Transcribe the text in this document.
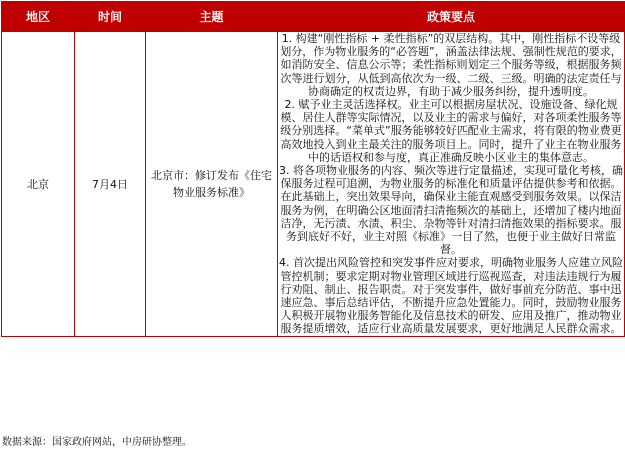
地区	时间	主题	政策要点
北京	7月4日	北京市：修订发布《住宅物业服务标准》	1. 构建“刚性指标 + 柔性指标”的双层结构。其中，刚性指标不设等级划分，作为物业服务的“必答题”，涵盖法律法规、强制性规范的要求，如消防安全、信息公示等；柔性指标则划定三个服务等级，根据服务频次等进行划分，从低到高依次为一级、二级、三级。明确的法定责任与协商确定的权责边界，有助于减少服务纠纷，提升透明度。
2. 赋予业主灵活选择权。业主可以根据房屋状况、设施设备、绿化规模、居住人群等实际情况，以及业主的需求与偏好，对各项柔性服务等级分别选择。“菜单式”服务能够较好匹配业主需求，将有限的物业费更高效地投入到业主最关注的服务项目上。同时，提升了业主在物业服务中的话语权和参与度，真正准确反映小区业主的集体意志。
3. 将各项物业服务的内容、频次等进行定量描述，实现可量化考核，确保服务过程可追溯，为物业服务的标准化和质量评估提供参考和依据。在此基础上，突出效果导向，确保业主能直观感受到服务效果。以保洁服务为例，在明确公区地面清扫清拖频次的基础上，还增加了楼内地面洁净，无污渍、水渍、积尘、杂物等针对清扫清拖效果的指标要求。服务到底好不好，业主对照《标准》一目了然，也便于业主做好日常监督。
4. 首次提出风险管控和突发事件应对要求，明确物业服务人应建立风险管控机制；要求定期对物业管理区域进行巡视巡查，对违法违规行为履行劝阻、制止、报告职责。对于突发事件，做好事前充分防范、事中迅速应急、事后总结评估，不断提升应急处置能力。同时，鼓励物业服务人积极开展物业服务智能化及信息技术的研发、应用及推广，推动物业服务提质增效，适应行业高质量发展要求，更好地满足人民群众需求。
数据来源：国家政府网站，中房研协整理。
